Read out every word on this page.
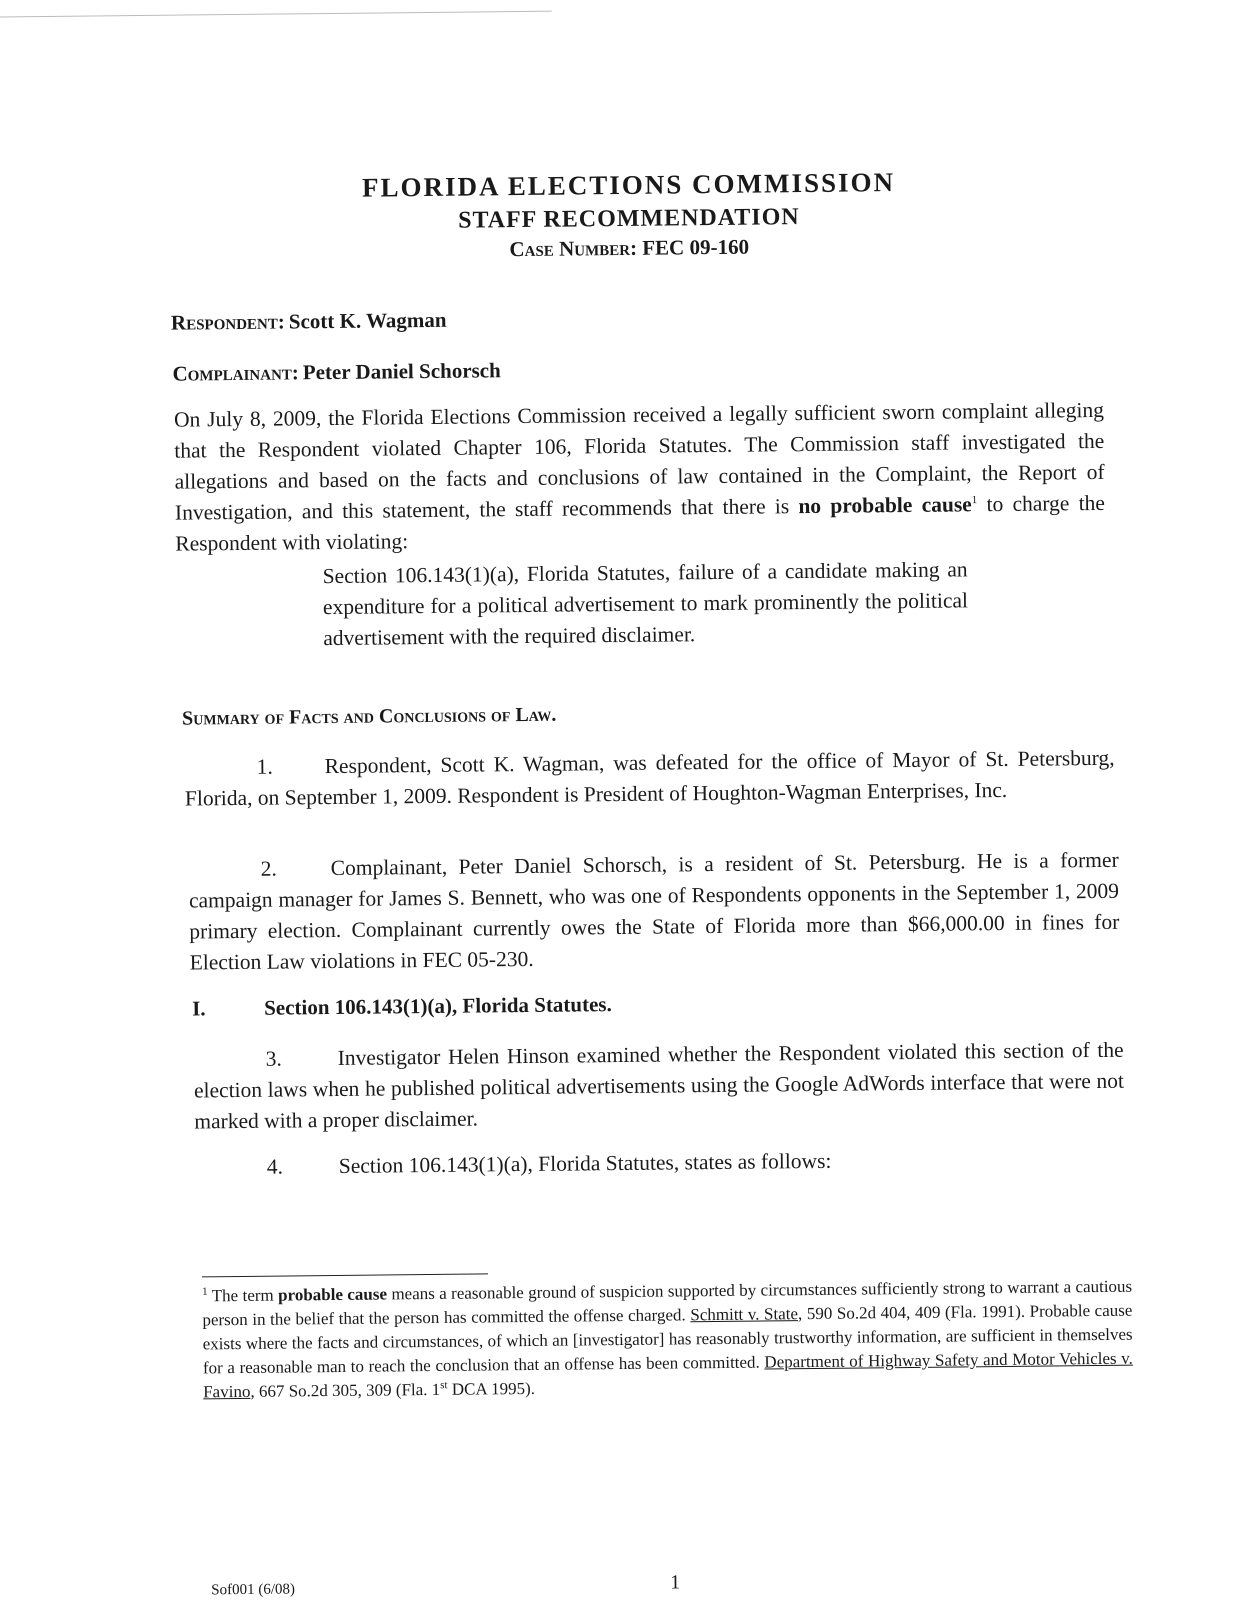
FLORIDA ELECTIONS COMMISSION
STAFF RECOMMENDATION
Case Number: FEC 09-160
Respondent: Scott K. Wagman
Complainant: Peter Daniel Schorsch
On July 8, 2009, the Florida Elections Commission received a legally sufficient sworn complaint alleging that the Respondent violated Chapter 106, Florida Statutes. The Commission staff investigated the allegations and based on the facts and conclusions of law contained in the Complaint, the Report of Investigation, and this statement, the staff recommends that there is no probable cause$^1$ to charge the Respondent with violating:
Section 106.143(1)(a), Florida Statutes, failure of a candidate making an expenditure for a political advertisement to mark prominently the political advertisement with the required disclaimer.
Summary of Facts and Conclusions of Law.
1. Respondent, Scott K. Wagman, was defeated for the office of Mayor of St. Petersburg, Florida, on September 1, 2009. Respondent is President of Houghton-Wagman Enterprises, Inc.
2. Complainant, Peter Daniel Schorsch, is a resident of St. Petersburg. He is a former campaign manager for James S. Bennett, who was one of Respondents opponents in the September 1, 2009 primary election. Complainant currently owes the State of Florida more than $66,000.00 in fines for Election Law violations in FEC 05-230.
I.	Section 106.143(1)(a), Florida Statutes.
3.	Investigator Helen Hinson examined whether the Respondent violated this section of the election laws when he published political advertisements using the Google AdWords interface that were not marked with a proper disclaimer.
4.	Section 106.143(1)(a), Florida Statutes, states as follows:
$^1$ The term probable cause means a reasonable ground of suspicion supported by circumstances sufficiently strong to warrant a cautious person in the belief that the person has committed the offense charged. Schmitt v. State, 590 So.2d 404, 409 (Fla. 1991). Probable cause exists where the facts and circumstances, of which an [investigator] has reasonably trustworthy information, are sufficient in themselves for a reasonable man to reach the conclusion that an offense has been committed. Department of Highway Safety and Motor Vehicles v. Favino, 667 So.2d 305, 309 (Fla. 1st DCA 1995).
Sof001 (6/08)	1
